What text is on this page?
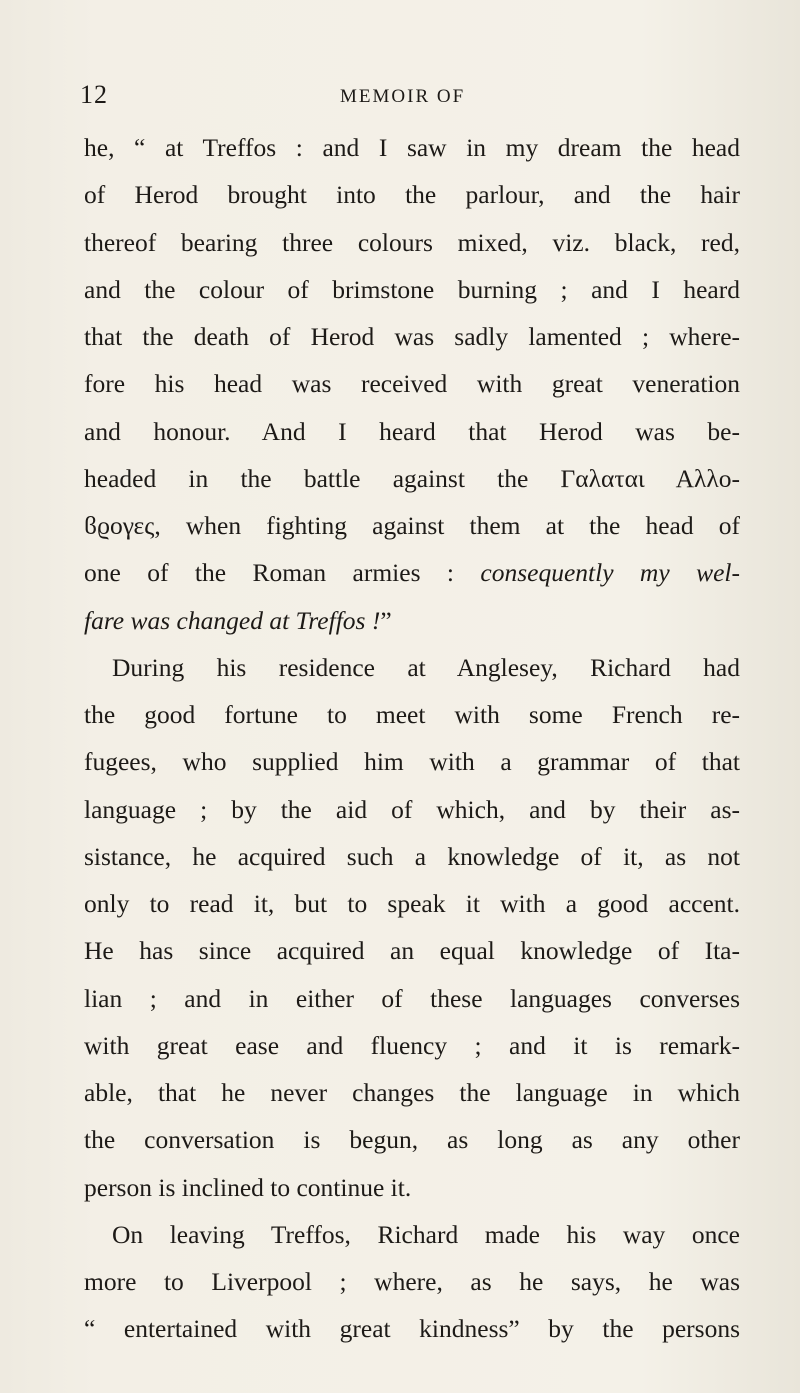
12	MEMOIR OF
he, “ at Treffos : and I saw in my dream the head
of Herod brought into the parlour, and the hair
thereof bearing three colours mixed, viz. black, red,
and the colour of brimstone burning ; and I heard
that the death of Herod was sadly lamented ; where-
fore his head was received with great veneration
and honour. And I heard that Herod was be-
headed in the battle against the Γαλαται Αλλο-
ϐϱογες, when fighting against them at the head of
one of the Roman armies : consequently my wel-
fare was changed at Treffos !”
During his residence at Anglesey, Richard had
the good fortune to meet with some French re-
fugees, who supplied him with a grammar of that
language ; by the aid of which, and by their as-
sistance, he acquired such a knowledge of it, as not
only to read it, but to speak it with a good accent.
He has since acquired an equal knowledge of Ita-
lian ; and in either of these languages converses
with great ease and fluency ; and it is remark-
able, that he never changes the language in which
the conversation is begun, as long as any other
person is inclined to continue it.
On leaving Treffos, Richard made his way once
more to Liverpool ; where, as he says, he was
“ entertained with great kindness” by the persons
